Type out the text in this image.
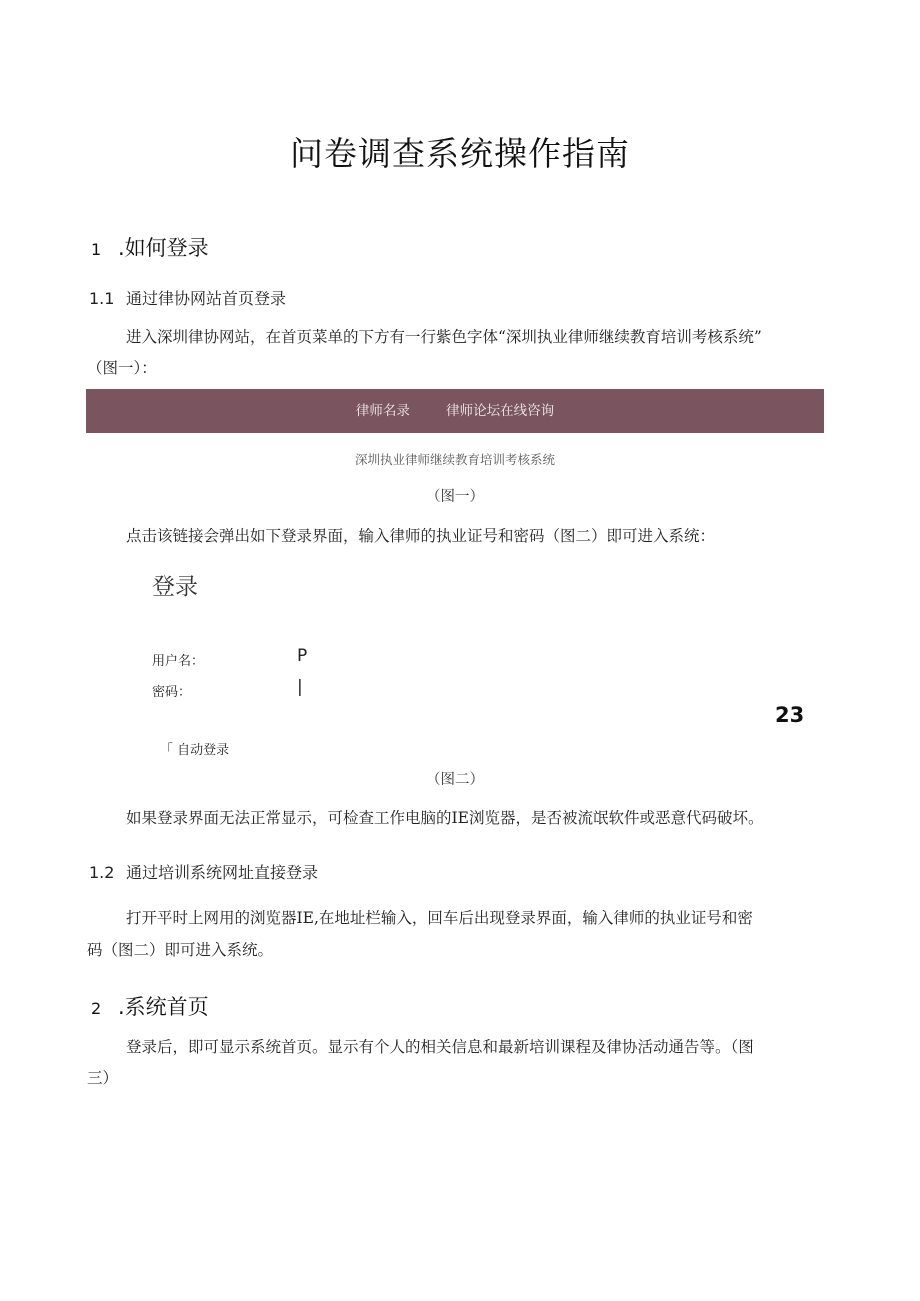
问卷调查系统操作指南
1 .如何登录
1.1 通过律协网站首页登录
进入深圳律协网站，在首页菜单的下方有一行紫色字体“深圳执业律师继续教育培训考核系统”
（图一）：
律师名录	律师论坛在线咨询
深圳执业律师继续教育培训考核系统
（图一）
点击该链接会弹出如下登录界面，输入律师的执业证号和密码（图二）即可进入系统：
登录
用户名：	P
密码：	|
23
「 自动登录
（图二）
如果登录界面无法正常显示，可检查工作电脑的IE浏览器，是否被流氓软件或恶意代码破坏。
1.2 通过培训系统网址直接登录
打开平时上网用的浏览器IE,在地址栏输入，回车后出现登录界面，输入律师的执业证号和密
码（图二）即可进入系统。
2 .系统首页
登录后，即可显示系统首页。显示有个人的相关信息和最新培训课程及律协活动通告等。（图
三）
